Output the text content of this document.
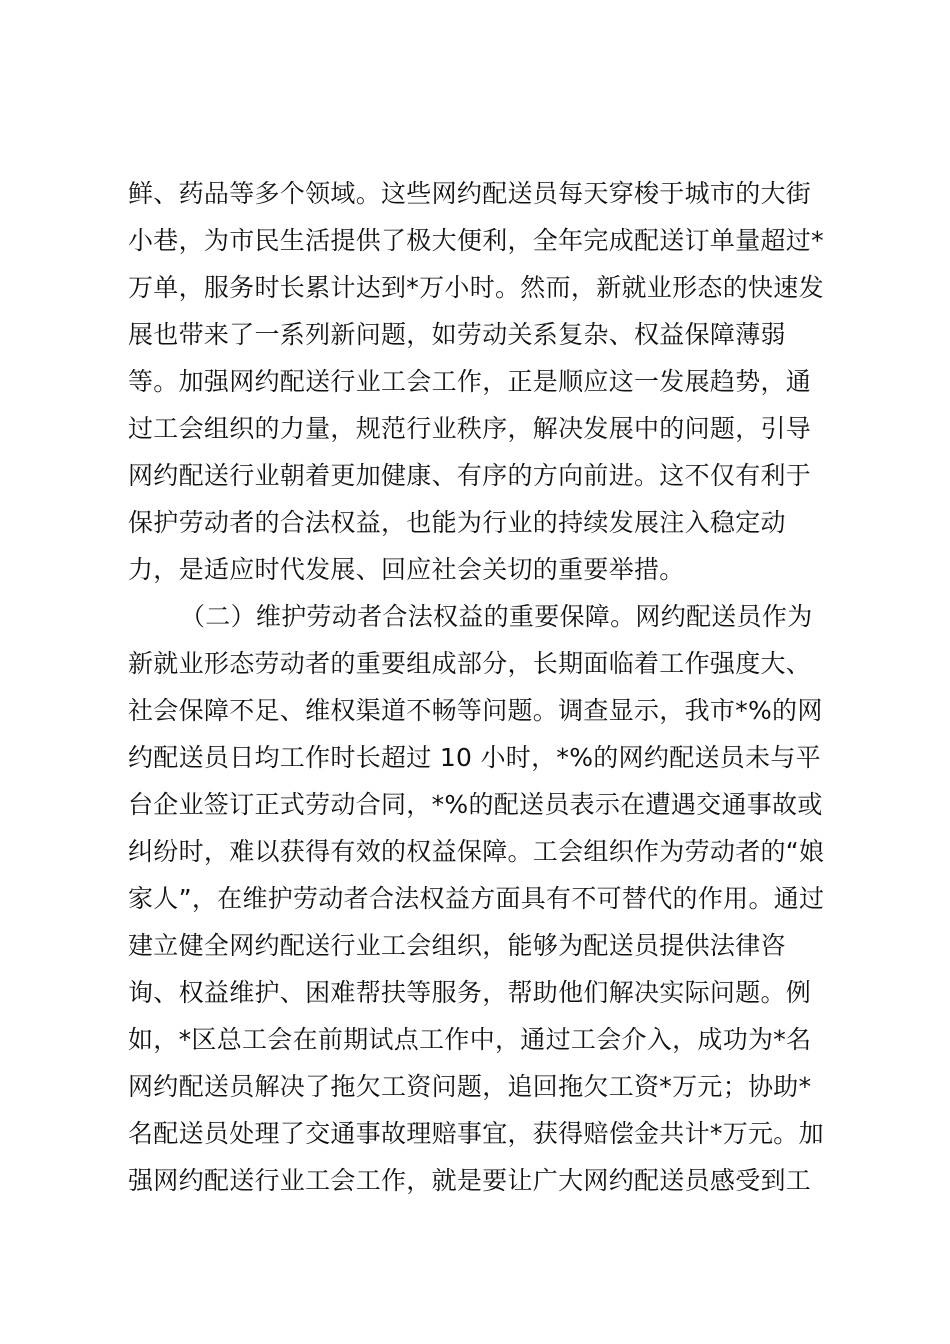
鲜、药品等多个领域。这些网约配送员每天穿梭于城市的大街
小巷，为市民生活提供了极大便利，全年完成配送订单量超过*
万单，服务时长累计达到*万小时。然而，新就业形态的快速发
展也带来了一系列新问题，如劳动关系复杂、权益保障薄弱
等。加强网约配送行业工会工作，正是顺应这一发展趋势，通
过工会组织的力量，规范行业秩序，解决发展中的问题，引导
网约配送行业朝着更加健康、有序的方向前进。这不仅有利于
保护劳动者的合法权益，也能为行业的持续发展注入稳定动
力，是适应时代发展、回应社会关切的重要举措。
（二）维护劳动者合法权益的重要保障。网约配送员作为
新就业形态劳动者的重要组成部分，长期面临着工作强度大、
社会保障不足、维权渠道不畅等问题。调查显示，我市*%的网
约配送员日均工作时长超过 10 小时，*%的网约配送员未与平
台企业签订正式劳动合同，*%的配送员表示在遭遇交通事故或
纠纷时，难以获得有效的权益保障。工会组织作为劳动者的“娘
家人”，在维护劳动者合法权益方面具有不可替代的作用。通过
建立健全网约配送行业工会组织，能够为配送员提供法律咨
询、权益维护、困难帮扶等服务，帮助他们解决实际问题。例
如，*区总工会在前期试点工作中，通过工会介入，成功为*名
网约配送员解决了拖欠工资问题，追回拖欠工资*万元；协助*
名配送员处理了交通事故理赔事宜，获得赔偿金共计*万元。加
强网约配送行业工会工作，就是要让广大网约配送员感受到工
